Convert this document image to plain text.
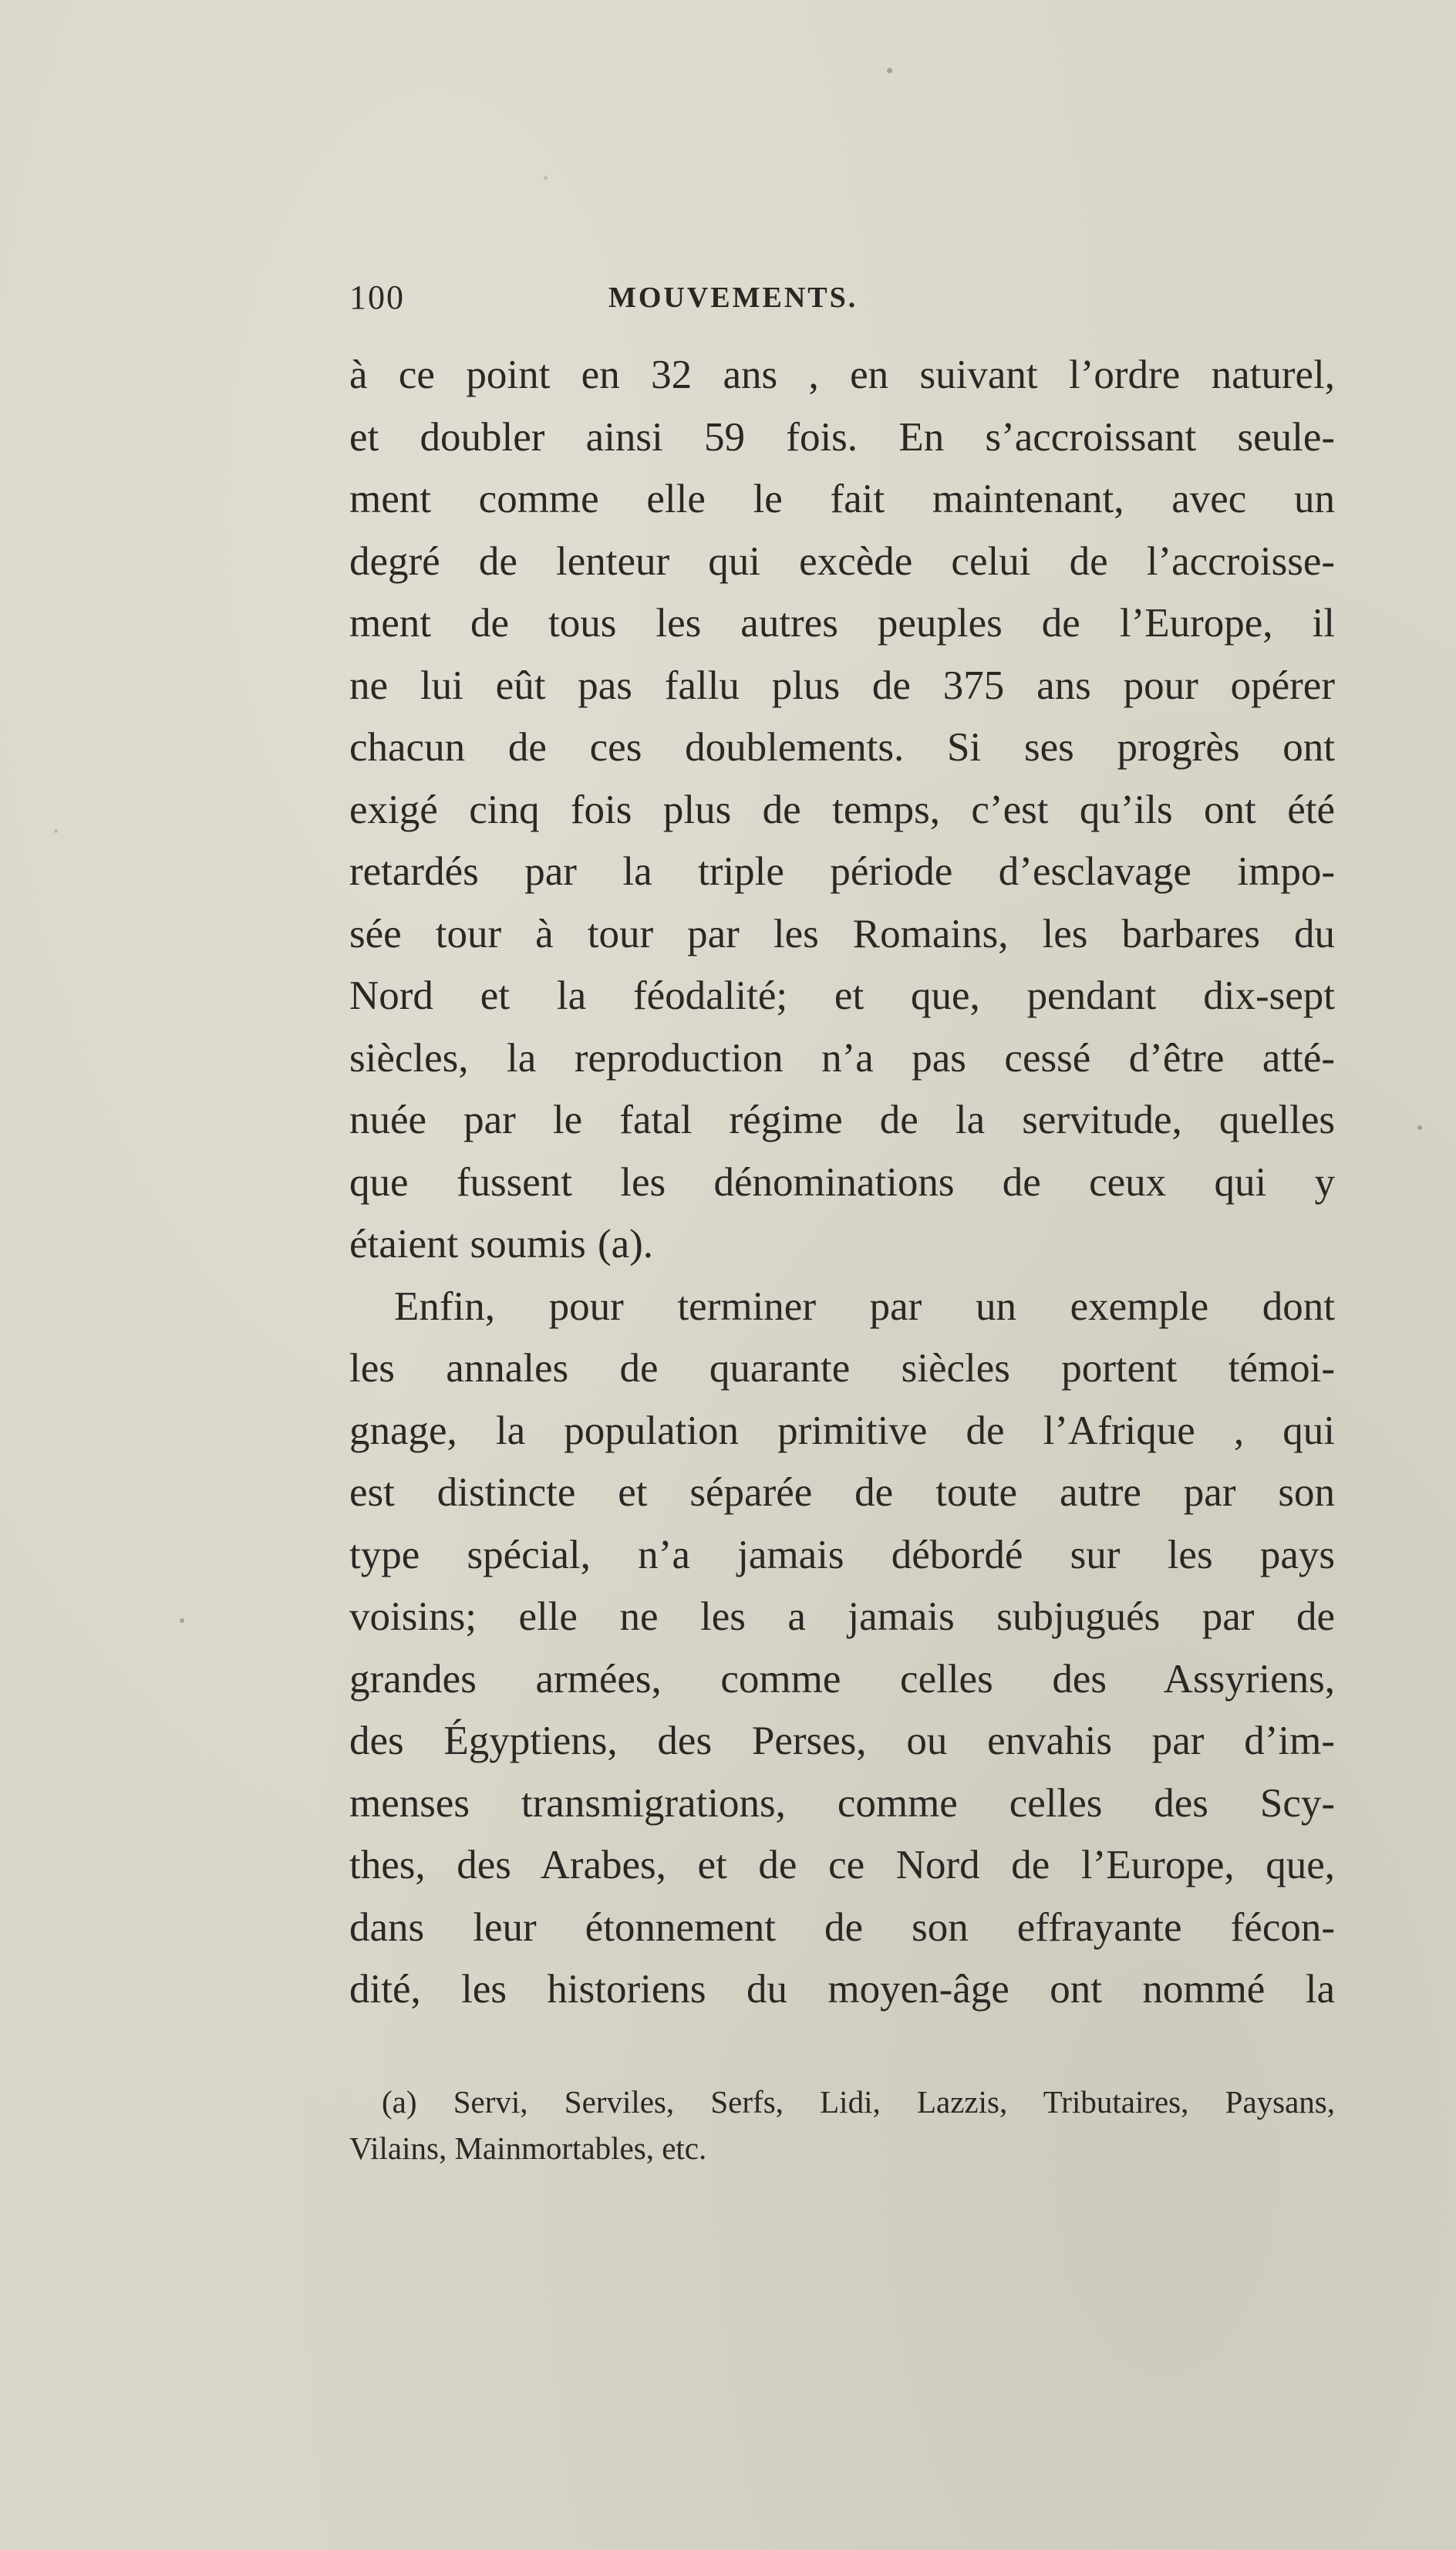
100	MOUVEMENTS.
à ce point en 32 ans , en suivant l’ordre naturel,
et doubler ainsi 59 fois. En s’accroissant seule-
ment comme elle le fait maintenant, avec un
degré de lenteur qui excède celui de l’accroisse-
ment de tous les autres peuples de l’Europe, il
ne lui eût pas fallu plus de 375 ans pour opérer
chacun de ces doublements. Si ses progrès ont
exigé cinq fois plus de temps, c’est qu’ils ont été
retardés par la triple période d’esclavage impo-
sée tour à tour par les Romains, les barbares du
Nord et la féodalité; et que, pendant dix-sept
siècles, la reproduction n’a pas cessé d’être atté-
nuée par le fatal régime de la servitude, quelles
que fussent les dénominations de ceux qui y
étaient soumis (a).
Enfin, pour terminer par un exemple dont
les annales de quarante siècles portent témoi-
gnage, la population primitive de l’Afrique , qui
est distincte et séparée de toute autre par son
type spécial, n’a jamais débordé sur les pays
voisins; elle ne les a jamais subjugués par de
grandes armées, comme celles des Assyriens,
des Égyptiens, des Perses, ou envahis par d’im-
menses transmigrations, comme celles des Scy-
thes, des Arabes, et de ce Nord de l’Europe, que,
dans leur étonnement de son effrayante fécon-
dité, les historiens du moyen-âge ont nommé la
(a) Servi, Serviles, Serfs, Lidi, Lazzis, Tributaires, Paysans,
Vilains, Mainmortables, etc.
